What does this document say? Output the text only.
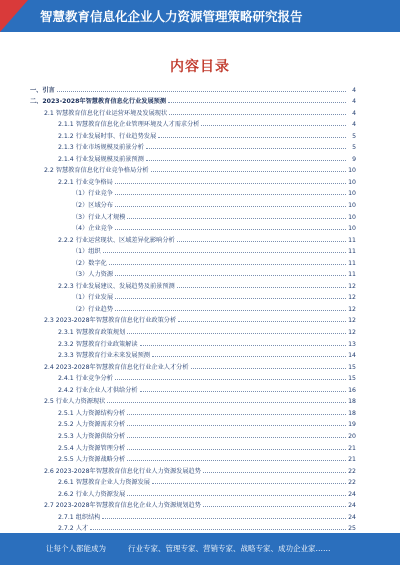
智慧教育信息化企业人力资源管理策略研究报告
内容目录
一、引言	4
二、2023-2028年智慧教育信息化行业发展预测	4
2.1 智慧教育信息化行业运营环境及发展现状	4
2.1.1 智慧教育信息化企业管理环境及人才需求分析	4
2.1.2 行业发展时事、行业趋势发展	5
2.1.3 行业市场规模及前景分析	5
2.1.4 行业发展规模及前景预测	9
2.2 智慧教育信息化行业竞争格局分析	10
2.2.1 行业竞争格局	10
（1）行业竞争	10
（2）区域分布	10
（3）行业人才规模	10
（4）企业竞争	10
2.2.2 行业运营现状、区域差异化影响分析	11
（1）组织	11
（2）数字化	11
（3）人力资源	11
2.2.3 行业发展建议、发展趋势及前景预测	12
（1）行业发展	12
（2）行业趋势	12
2.3 2023-2028年智慧教育信息化行业政策分析	12
2.3.1 智慧教育政策规划	12
2.3.2 智慧教育行业政策解读	13
2.3.3 智慧教育行业未来发展预测	14
2.4 2023-2028年智慧教育信息化行业企业人才分析	15
2.4.1 行业竞争分析	15
2.4.2 行业企业人才供给分析	16
2.5 行业人力资源现状	18
2.5.1 人力资源结构分析	18
2.5.2 人力资源需求分析	19
2.5.3 人力资源供给分析	20
2.5.4 人力资源管理分析	21
2.5.5 人力资源战略分析	21
2.6 2023-2028年智慧教育信息化行业人力资源发展趋势	22
2.6.1 智慧教育企业人力资源发展	22
2.6.2 行业人力资源发展	24
2.7 2023-2028年智慧教育信息化企业人力资源规划趋势	24
2.7.1 组织结构	24
2.7.2 人才	25
让每个人都能成为	行业专家、管理专家、营销专家、战略专家、成功企业家……
